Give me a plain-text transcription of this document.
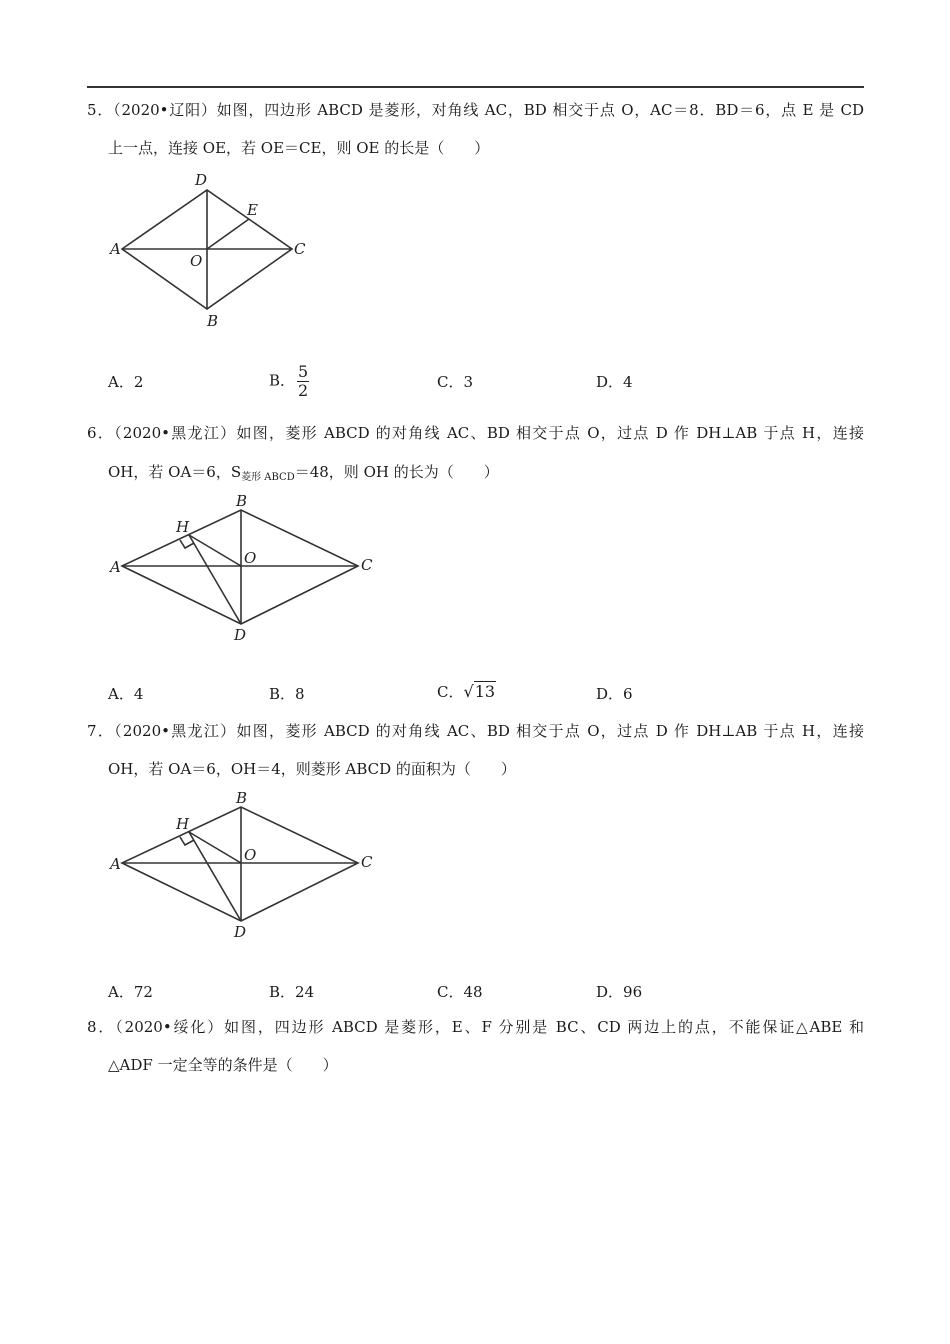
5．（2020•辽阳）如图，四边形 ABCD 是菱形，对角线 AC，BD 相交于点 O，AC＝8．BD＝6，点 E 是 CD
上一点，连接 OE，若 OE＝CE，则 OE 的长是（　　）
A
D
C
B
O
E
A．2	B． $\frac{5}{2}$	C．3	D．4
6．（2020•黑龙江）如图，菱形 ABCD 的对角线 AC、BD 相交于点 O，过点 D 作 DH⊥AB 于点 H，连接
OH，若 OA＝6，$S_{菱形 ABCD}=48$，则 OH 的长为（　　）
A
B
C
D
O
H
A．4	B．8	C．√13	D．6
7．（2020•黑龙江）如图，菱形 ABCD 的对角线 AC、BD 相交于点 O，过点 D 作 DH⊥AB 于点 H，连接
OH，若 OA＝6，OH＝4，则菱形 ABCD 的面积为（　　）
A
B
C
D
O
H
A．72	B．24	C．48	D．96
8．（2020•绥化）如图，四边形 ABCD 是菱形，E、F 分别是 BC、CD 两边上的点，不能保证△ABE 和
△ADF 一定全等的条件是（　　）
